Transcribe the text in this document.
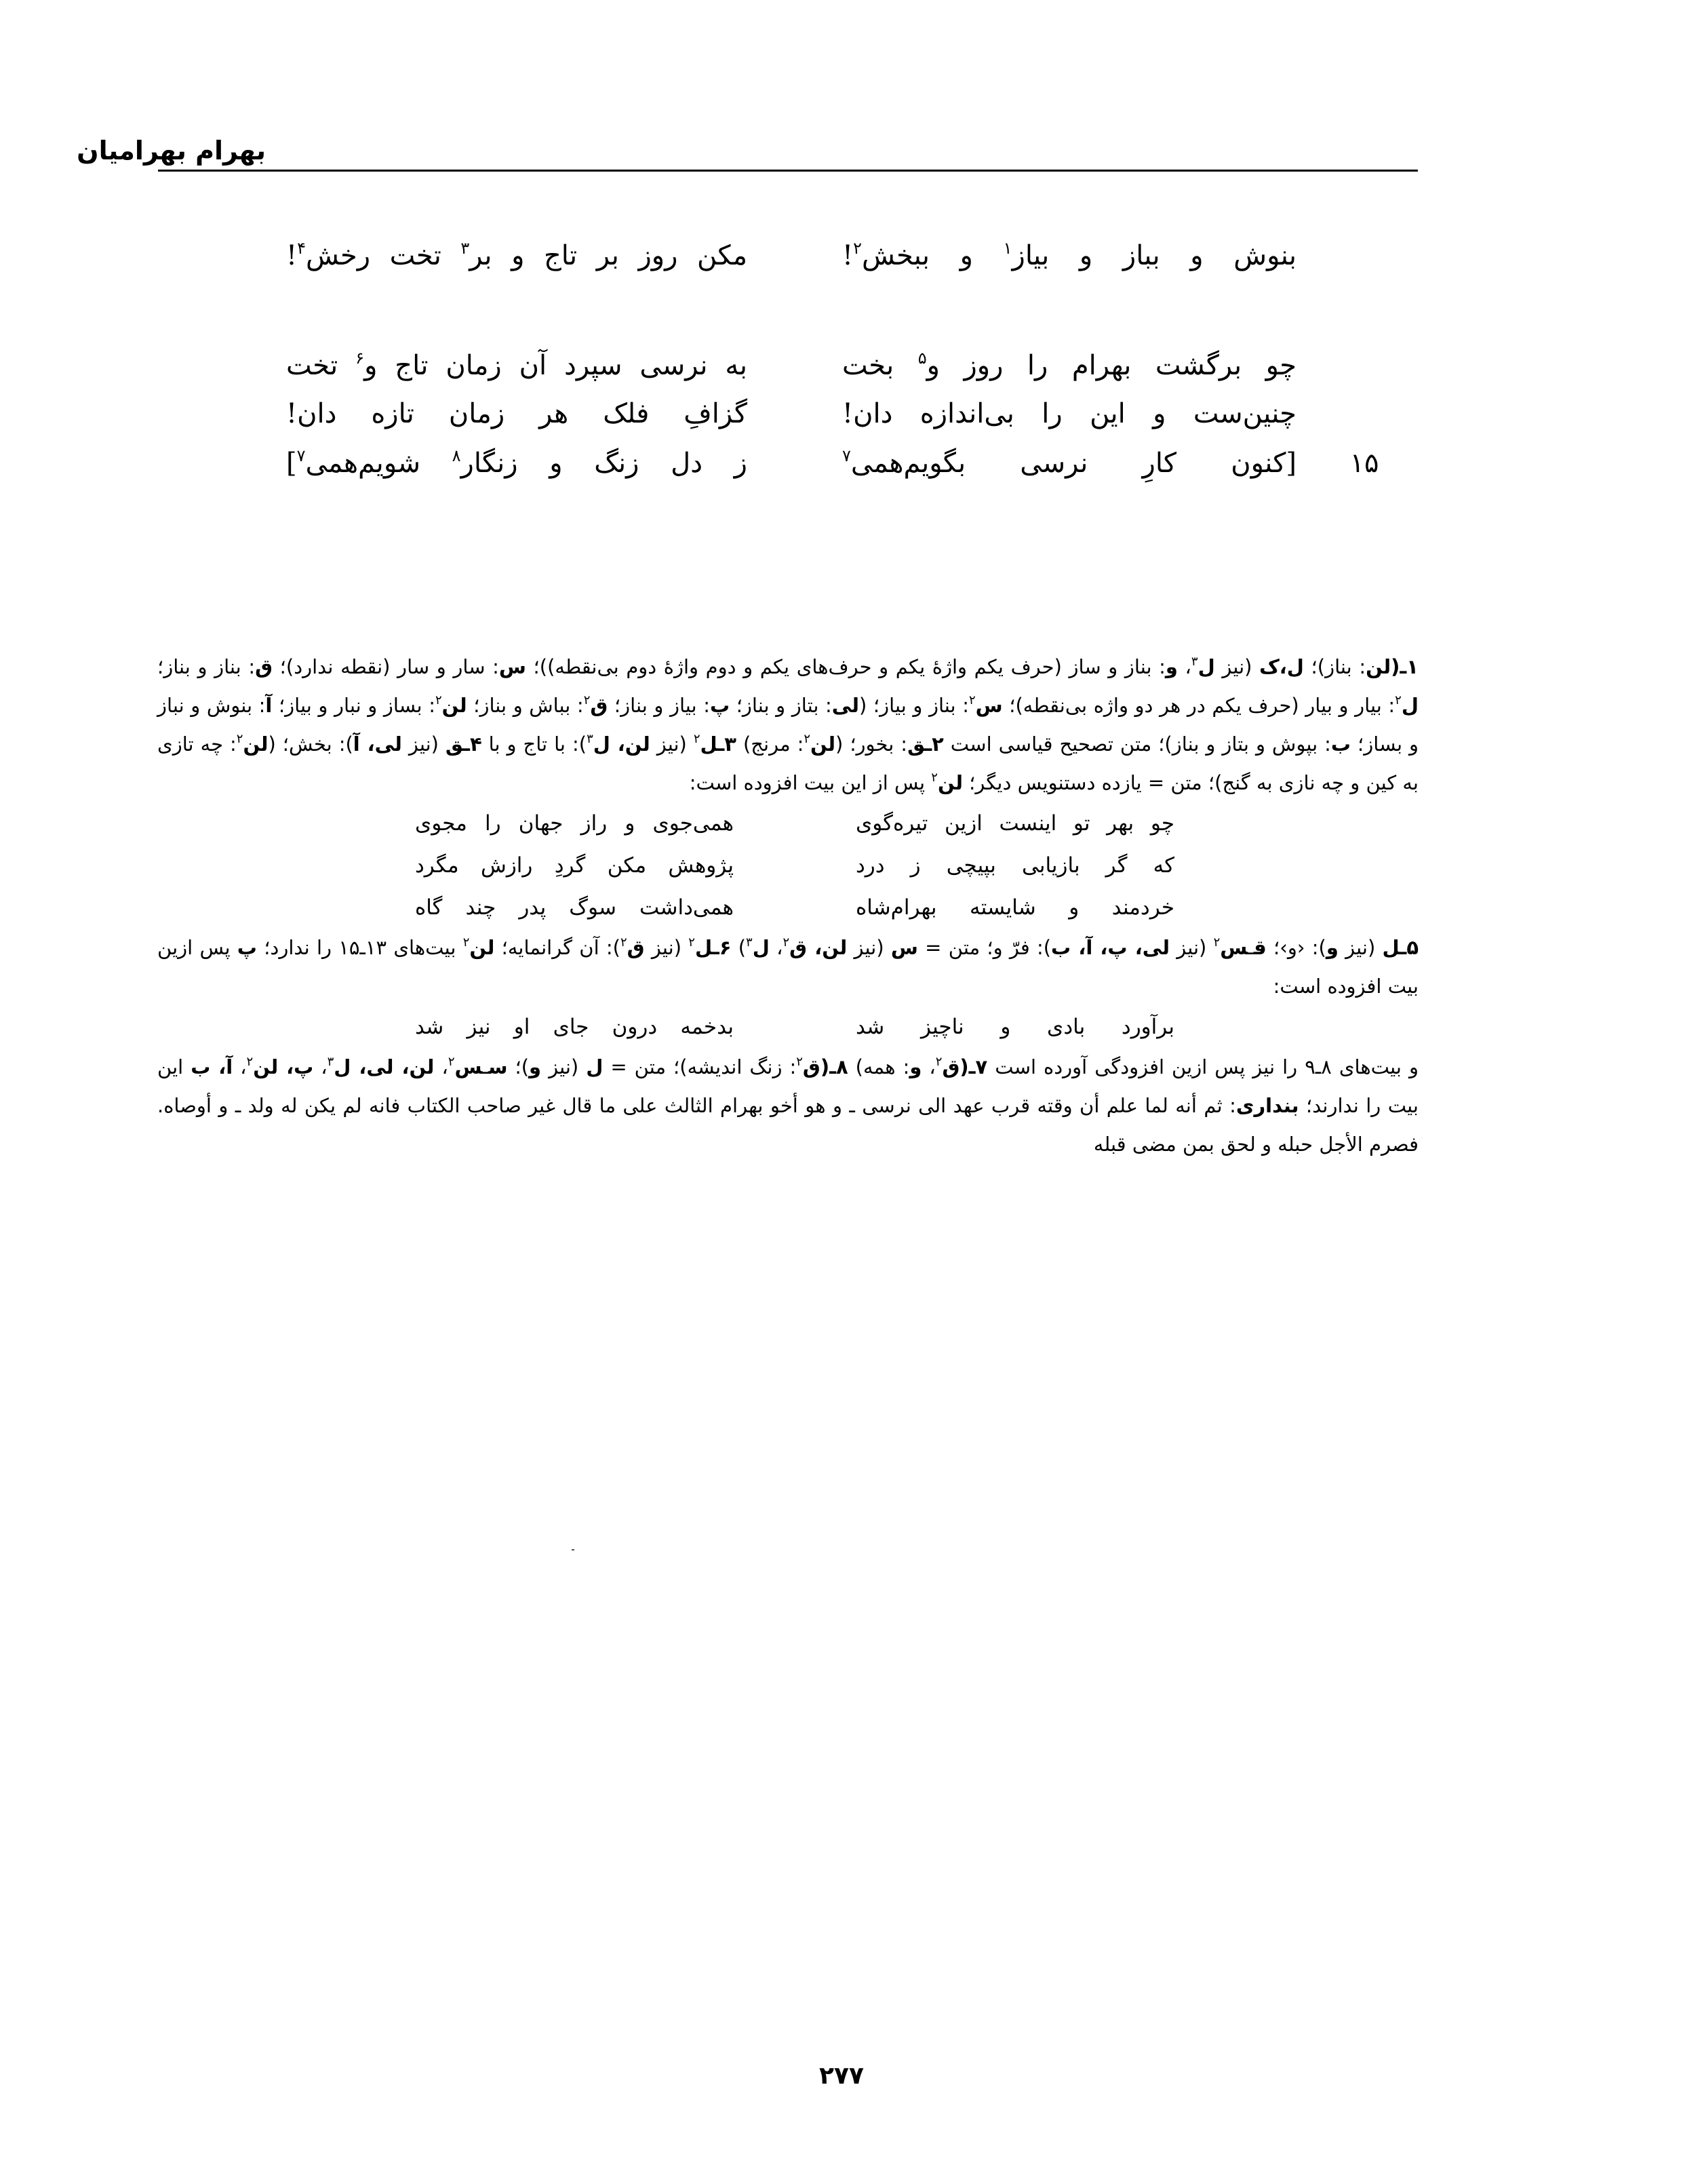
بهرام بهرامیان
بنوش و بباز و بیاز$^۱$ و ببخش$^۲$!
مکن روز بر تاج و بر$^۳$ تخت رخش$^۴$!
چو برگشت بهرام را روز و$^۵$ بخت
به نرسی سپرد آن زمان تاج و$^۶$ تخت
چنین‌ست و این را بی‌اندازه دان!
گزافِ فلک هر زمان تازه دان!
۱۵
[کنون کارِ نرسی بگویم‌همی$^۷$
ز دل زنگ و زنگار$^۸$ شویم‌همی$^۷$]

۱ـ(لن: بناز)؛ ل،ک (نیز ل$^۳$، و: بناز و ساز (حرف یکم واژهٔ یکم و حرف‌های یکم و دوم واژهٔ دوم بی‌نقطه))؛ س: سار و سار (نقطه ندارد)؛ ق: بناز و بناز؛ ل$^۲$: بیار و بیار (حرف یکم در هر دو واژه بی‌نقطه)؛ س$^۲$: بناز و بیاز؛ (لی: بتاز و بناز؛ پ: بیاز و بناز؛ ق$^۲$: بباش و بناز؛ لن$^۲$: بساز و نبار و بیاز؛ آ: بنوش و نباز و بساز؛ ب: بپوش و بتاز و بناز)؛ متن تصحیح قیاسی است ۲ـق: بخور؛ (لن$^۲$: مرنج) ۳ـل$^۲$ (نیز لن، ل$^۳$): با تاج و با ۴ـق (نیز لی، آ): بخش؛ (لن$^۲$: چه تازی به کین و چه نازی به گنج)؛ متن = یازده دستنویس دیگر؛ لن$^۲$ پس از این بیت افزوده است:

چو بهر تو اینست ازین تیره‌گوی
همی‌جوی و راز جهان را مجوی
که گر بازیابی بپیچی ز درد
پژوهش مکن گردِ رازش مگرد
خردمند و شایسته بهرام‌شاه
همی‌داشت سوگ پدر چند گاه

۵ـل (نیز و): ‹و›؛ قـس$^۲$ (نیز لی، پ، آ، ب): فرّ و؛ متن = س (نیز لن، ق$^۲$، ل$^۳$) ۶ـل$^۲$ (نیز ق$^۲$): آن گرانمایه؛ لن$^۲$ بیت‌های ۱۳ـ۱۵ را ندارد؛ پ پس ازین بیت افزوده است:

برآورد بادی و ناچیز شد
بدخمه درون جای او نیز شد

و بیت‌های ۸ـ۹ را نیز پس ازین افزودگی آورده است ۷ـ(ق$^۲$، و: همه) ۸ـ(ق$^۲$: زنگ اندیشه)؛ متن = ل (نیز و)؛ سـس$^۲$، لن، لی، ل$^۳$، پ، لن$^۲$، آ، ب این بیت را ندارند؛ بنداری: ثم أنه لما علم أن وقته قرب عهد الی نرسی ـ و هو أخو بهرام الثالث علی ما قال غیر صاحب الکتاب فانه لم یکن له ولد ـ و أوصاه. فصرم الأجل حبله و لحق بمن مضی قبله

۲۷۷
